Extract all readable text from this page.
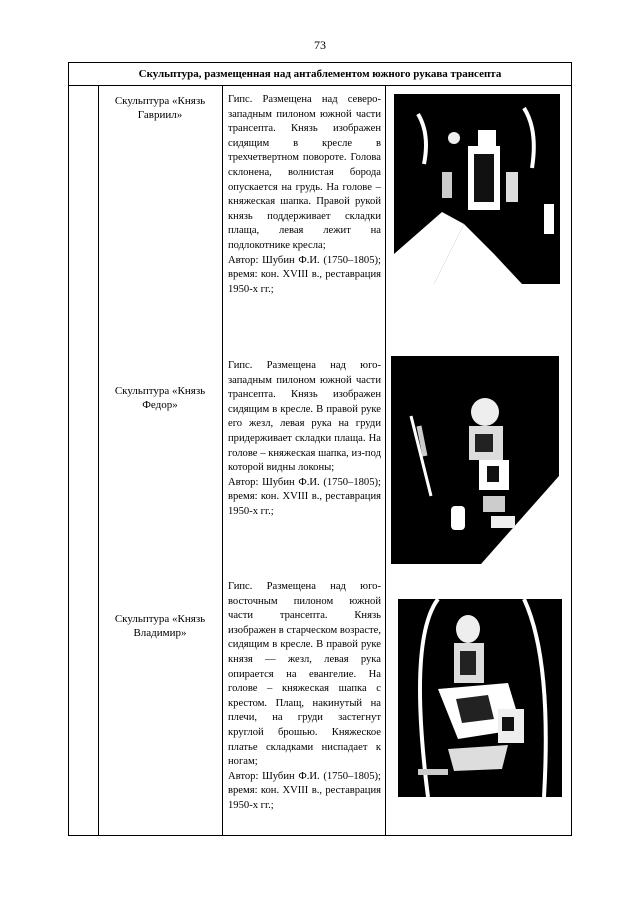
73
Скульптура, размещенная над антаблементом южного рукава трансепта
Скульптура «Князь
Гавриил»

Гипс. Размещена над северо-западным пилоном южной части трансепта. Князь изображен сидящим в кресле в трехчетвертном повороте. Голова склонена, волнистая борода опускается на грудь. На голове – княжеская шапка. Правой рукой князь поддерживает складки плаща, левая лежит на подлокотнике кресла;

Автор: Шубин Ф.И. (1750–1805); время: кон. XVIII в., реставрация 1950-х гг.;

Скульптура «Князь
Федор»

Гипс. Размещена над юго-западным пилоном южной части трансепта. Князь изображен сидящим в кресле. В правой руке его жезл, левая рука на груди придерживает складки плаща. На голове – княжеская шапка, из-под которой видны локоны;

Автор: Шубин Ф.И. (1750–1805); время: кон. XVIII в., реставрация 1950-х гг.;

Скульптура «Князь
Владимир»

Гипс. Размещена над юго-восточным пилоном южной части трансепта. Князь изображен в старческом возрасте, сидящим в кресле. В правой руке князя — жезл, левая рука опирается на евангелие. На голове – княжеская шапка с крестом. Плащ, накинутый на плечи, на груди застегнут круглой брошью. Княжеское платье складками ниспадает к ногам;

Автор: Шубин Ф.И. (1750–1805); время: кон. XVIII в., реставрация 1950-х гг.;
